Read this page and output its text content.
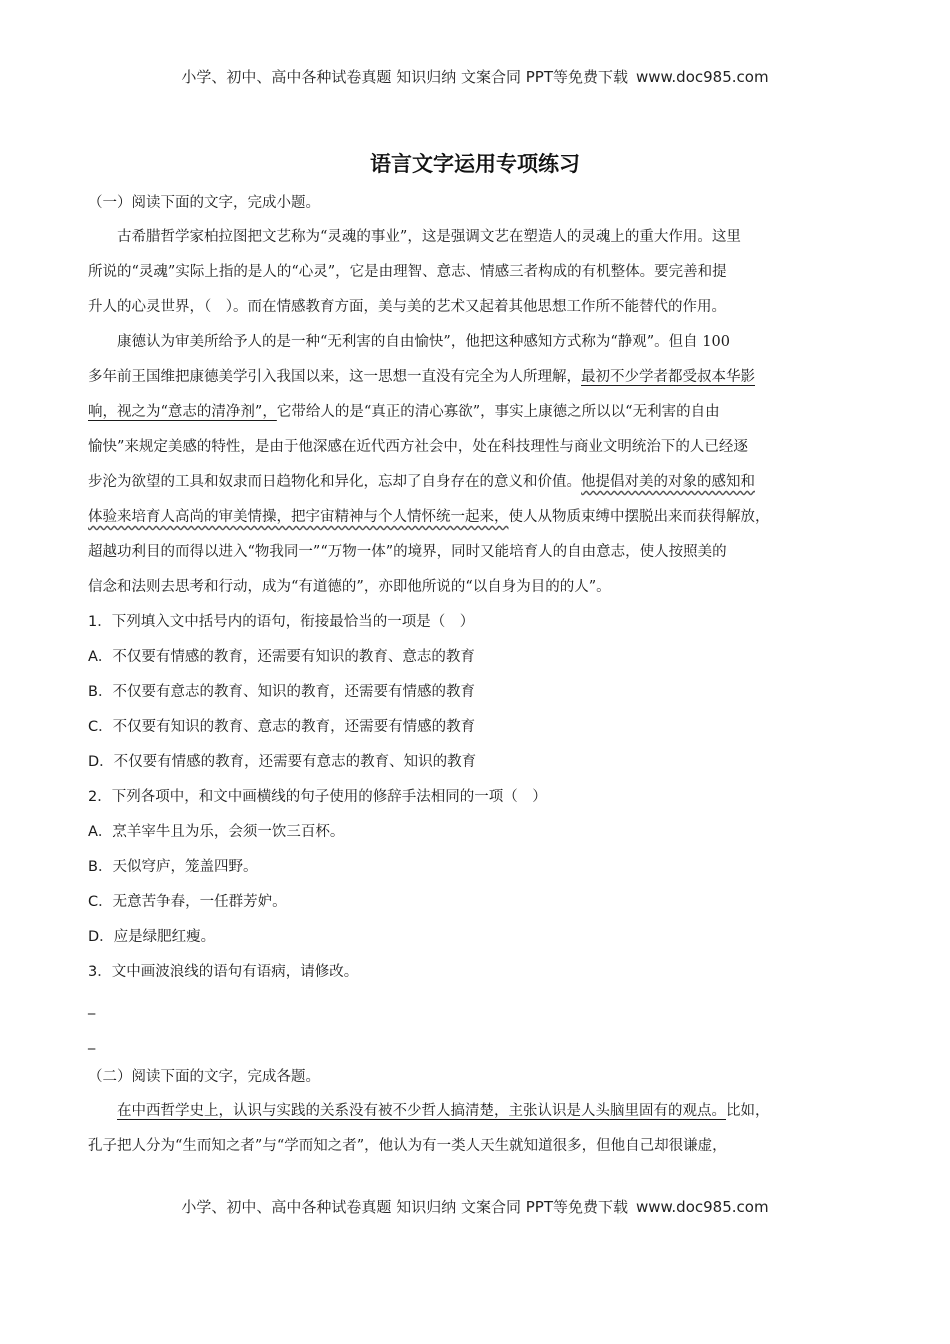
小学、初中、高中各种试卷真题 知识归纳 文案合同 PPT等免费下载 www.doc985.com
语言文字运用专项练习
（一）阅读下面的文字，完成小题。
古希腊哲学家柏拉图把文艺称为“灵魂的事业”，这是强调文艺在塑造人的灵魂上的重大作用。这里
所说的“灵魂”实际上指的是人的“心灵”，它是由理智、意志、情感三者构成的有机整体。要完善和提
升人的心灵世界，（　）。而在情感教育方面，美与美的艺术又起着其他思想工作所不能替代的作用。
康德认为审美所给予人的是一种“无利害的自由愉快”，他把这种感知方式称为“静观”。但自 100
多年前王国维把康德美学引入我国以来，这一思想一直没有完全为人所理解，最初不少学者都受叔本华影
响，视之为“意志的清净剂”，它带给人的是“真正的清心寡欲”，事实上康德之所以以“无利害的自由
愉快”来规定美感的特性，是由于他深感在近代西方社会中，处在科技理性与商业文明统治下的人已经逐
步沦为欲望的工具和奴隶而日趋物化和异化，忘却了自身存在的意义和价值。他提倡对美的对象的感知和
体验来培育人高尚的审美情操，把宇宙精神与个人情怀统一起来，使人从物质束缚中摆脱出来而获得解放，
超越功利目的而得以进入“物我同一”“万物一体”的境界，同时又能培育人的自由意志，使人按照美的
信念和法则去思考和行动，成为“有道德的”，亦即他所说的“以自身为目的的人”。
1．下列填入文中括号内的语句，衔接最恰当的一项是（　）
A．不仅要有情感的教育，还需要有知识的教育、意志的教育
B．不仅要有意志的教育、知识的教育，还需要有情感的教育
C．不仅要有知识的教育、意志的教育，还需要有情感的教育
D．不仅要有情感的教育，还需要有意志的教育、知识的教育
2．下列各项中，和文中画横线的句子使用的修辞手法相同的一项（　）
A．烹羊宰牛且为乐，会须一饮三百杯。
B．天似穹庐，笼盖四野。
C．无意苦争春，一任群芳妒。
D．应是绿肥红瘦。
3．文中画波浪线的语句有语病，请修改。
_
_
（二）阅读下面的文字，完成各题。
在中西哲学史上，认识与实践的关系没有被不少哲人搞清楚，主张认识是人头脑里固有的观点。比如，
孔子把人分为“生而知之者”与“学而知之者”，他认为有一类人天生就知道很多，但他自己却很谦虚，
小学、初中、高中各种试卷真题 知识归纳 文案合同 PPT等免费下载 www.doc985.com
